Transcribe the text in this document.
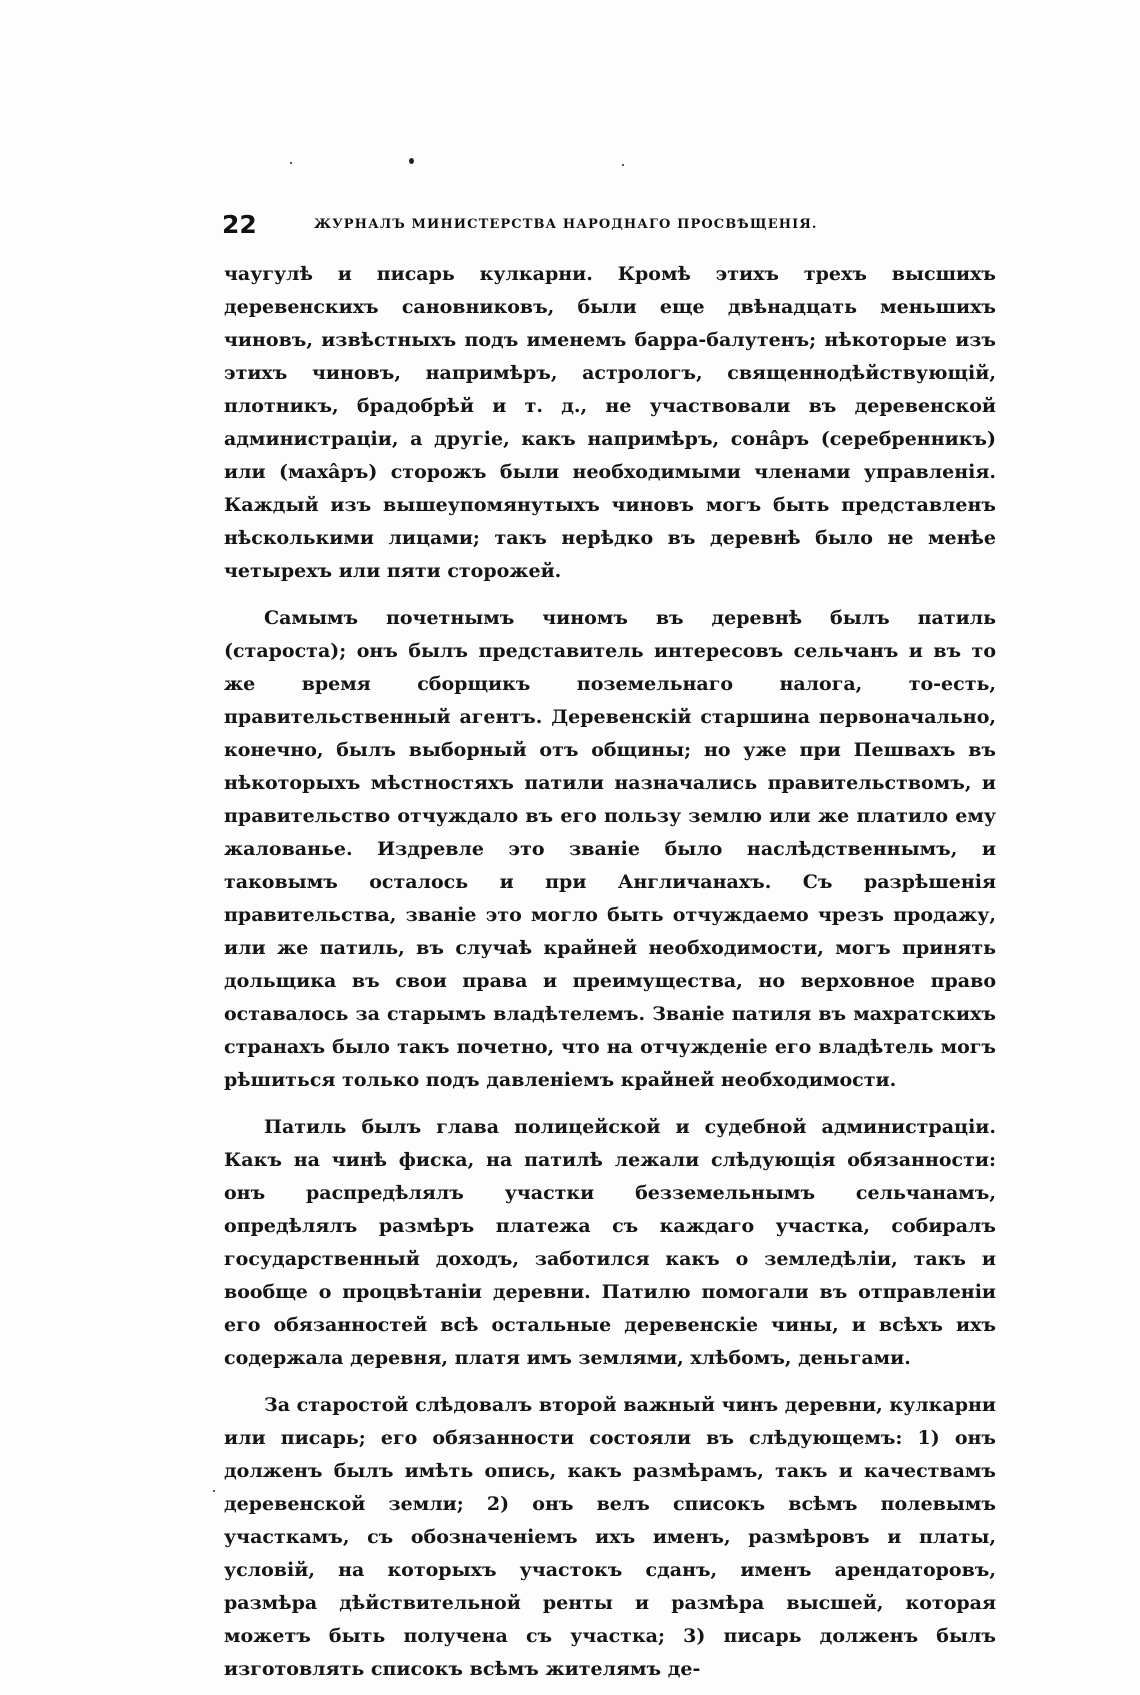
22	ЖУРНАЛЪ МИНИСТЕРСТВА НАРОДНАГО ПРОСВѢЩЕНІЯ.

чаугулѣ и писарь кулкарни. Кромѣ этихъ трехъ высшихъ деревенскихъ сановниковъ, были еще двѣнадцать меньшихъ чиновъ, извѣстныхъ подъ именемъ барра-балутенъ; нѣкоторые изъ этихъ чиновъ, напримѣръ, астрологъ, священнодѣйствующій, плотникъ, брадобрѣй и т. д., не участвовали въ деревенской администраціи, а другіе, какъ напримѣръ, сонâръ (серебренникъ) или (махâръ) сторожъ были необходимыми членами управленія. Каждый изъ вышеупомянутыхъ чиновъ могъ быть представленъ нѣсколькими лицами; такъ нерѣдко въ деревнѣ было не менѣе четырехъ или пяти сторожей.

Самымъ почетнымъ чиномъ въ деревнѣ былъ патиль (староста); онъ былъ представитель интересовъ сельчанъ и въ то же время сборщикъ поземельнаго налога, то-есть, правительственный агентъ. Деревенскій старшина первоначально, конечно, былъ выборный отъ общины; но уже при Пешвахъ въ нѣкоторыхъ мѣстностяхъ патили назначались правительствомъ, и правительство отчуждало въ его пользу землю или же платило ему жалованье. Издревле это званіе было наслѣдственнымъ, и таковымъ осталось и при Англичанахъ. Съ разрѣшенія правительства, званіе это могло быть отчуждаемо чрезъ продажу, или же патиль, въ случаѣ крайней необходимости, могъ принять дольщика въ свои права и преимущества, но верховное право оставалось за старымъ владѣтелемъ. Званіе патиля въ махратскихъ странахъ было такъ почетно, что на отчужденіе его владѣтель могъ рѣшиться только подъ давленіемъ крайней необходимости.

Патиль былъ глава полицейской и судебной администраціи. Какъ на чинѣ фиска, на патилѣ лежали слѣдующія обязанности: онъ распредѣлялъ участки безземельнымъ сельчанамъ, опредѣлялъ размѣръ платежа съ каждаго участка, собиралъ государственный доходъ, заботился какъ о земледѣліи, такъ и вообще о процвѣтаніи деревни. Патилю помогали въ отправленіи его обязанностей всѣ остальные деревенскіе чины, и всѣхъ ихъ содержала деревня, платя имъ землями, хлѣбомъ, деньгами.

За старостой слѣдовалъ второй важный чинъ деревни, кулкарни или писарь; его обязанности состояли въ слѣдующемъ: 1) онъ долженъ былъ имѣть опись, какъ размѣрамъ, такъ и качествамъ деревенской земли; 2) онъ велъ списокъ всѣмъ полевымъ участкамъ, съ обозначеніемъ ихъ именъ, размѣровъ и платы, условій, на которыхъ участокъ сданъ, именъ арендаторовъ, размѣра дѣйствительной ренты и размѣра высшей, которая можетъ быть получена съ участка; 3) писарь долженъ былъ изготовлять списокъ всѣмъ жителямъ де-
